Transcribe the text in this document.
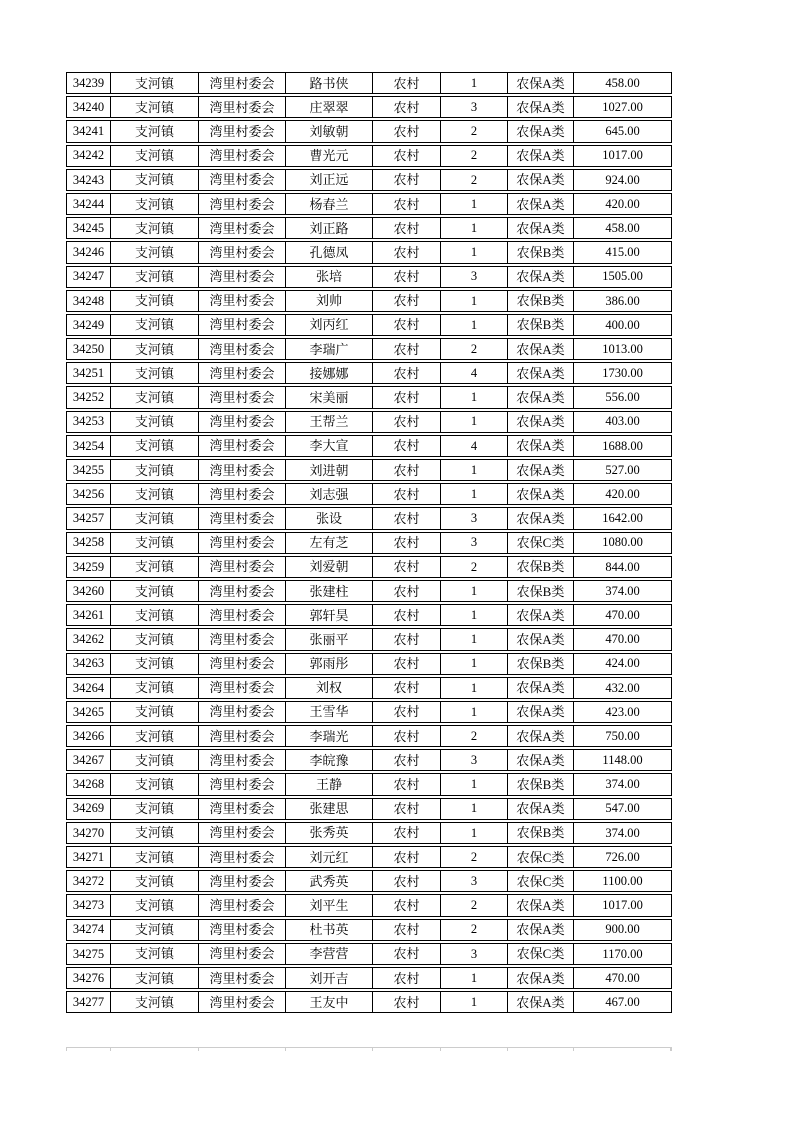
34239	支河镇	湾里村委会	路书侠	农村	1	农保A类	458.00
34240	支河镇	湾里村委会	庄翠翠	农村	3	农保A类	1027.00
34241	支河镇	湾里村委会	刘敏朝	农村	2	农保A类	645.00
34242	支河镇	湾里村委会	曹光元	农村	2	农保A类	1017.00
34243	支河镇	湾里村委会	刘正远	农村	2	农保A类	924.00
34244	支河镇	湾里村委会	杨春兰	农村	1	农保A类	420.00
34245	支河镇	湾里村委会	刘正路	农村	1	农保A类	458.00
34246	支河镇	湾里村委会	孔德凤	农村	1	农保B类	415.00
34247	支河镇	湾里村委会	张培	农村	3	农保A类	1505.00
34248	支河镇	湾里村委会	刘帅	农村	1	农保B类	386.00
34249	支河镇	湾里村委会	刘丙红	农村	1	农保B类	400.00
34250	支河镇	湾里村委会	李瑞广	农村	2	农保A类	1013.00
34251	支河镇	湾里村委会	接娜娜	农村	4	农保A类	1730.00
34252	支河镇	湾里村委会	宋美丽	农村	1	农保A类	556.00
34253	支河镇	湾里村委会	王帮兰	农村	1	农保A类	403.00
34254	支河镇	湾里村委会	李大宣	农村	4	农保A类	1688.00
34255	支河镇	湾里村委会	刘进朝	农村	1	农保A类	527.00
34256	支河镇	湾里村委会	刘志强	农村	1	农保A类	420.00
34257	支河镇	湾里村委会	张设	农村	3	农保A类	1642.00
34258	支河镇	湾里村委会	左有芝	农村	3	农保C类	1080.00
34259	支河镇	湾里村委会	刘爱朝	农村	2	农保B类	844.00
34260	支河镇	湾里村委会	张建柱	农村	1	农保B类	374.00
34261	支河镇	湾里村委会	郭轩昊	农村	1	农保A类	470.00
34262	支河镇	湾里村委会	张丽平	农村	1	农保A类	470.00
34263	支河镇	湾里村委会	郭雨彤	农村	1	农保B类	424.00
34264	支河镇	湾里村委会	刘权	农村	1	农保A类	432.00
34265	支河镇	湾里村委会	王雪华	农村	1	农保A类	423.00
34266	支河镇	湾里村委会	李瑞光	农村	2	农保A类	750.00
34267	支河镇	湾里村委会	李皖豫	农村	3	农保A类	1148.00
34268	支河镇	湾里村委会	王静	农村	1	农保B类	374.00
34269	支河镇	湾里村委会	张建思	农村	1	农保A类	547.00
34270	支河镇	湾里村委会	张秀英	农村	1	农保B类	374.00
34271	支河镇	湾里村委会	刘元红	农村	2	农保C类	726.00
34272	支河镇	湾里村委会	武秀英	农村	3	农保C类	1100.00
34273	支河镇	湾里村委会	刘平生	农村	2	农保A类	1017.00
34274	支河镇	湾里村委会	杜书英	农村	2	农保A类	900.00
34275	支河镇	湾里村委会	李营营	农村	3	农保C类	1170.00
34276	支河镇	湾里村委会	刘开吉	农村	1	农保A类	470.00
34277	支河镇	湾里村委会	王友中	农村	1	农保A类	467.00
